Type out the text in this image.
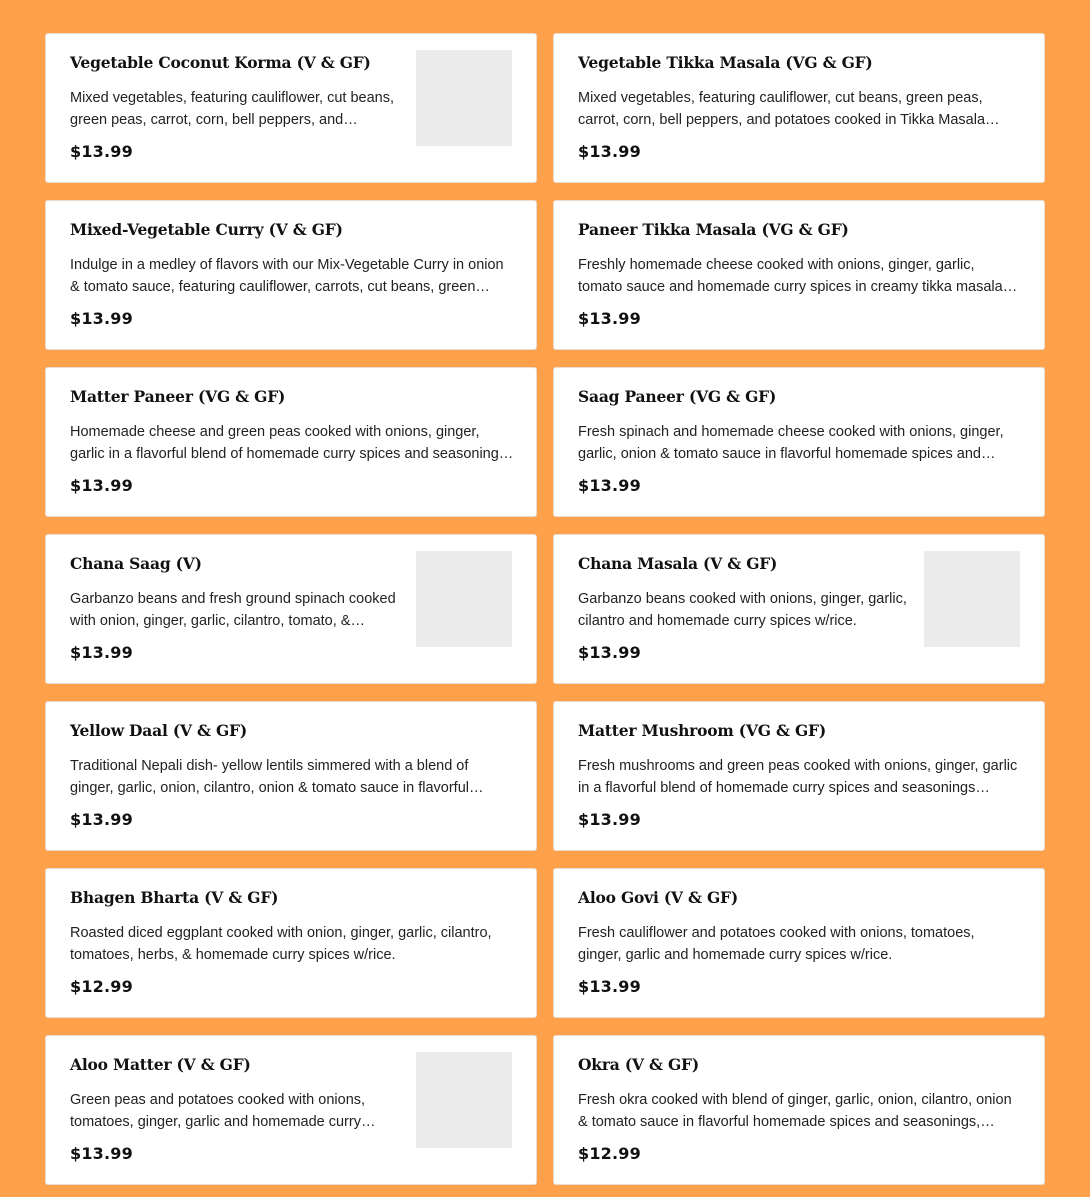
Vegetable Coconut Korma (V & GF)

Mixed vegetables, featuring cauliflower, cut beans, green peas, carrot, corn, bell peppers, and…

$13.99
Vegetable Tikka Masala (VG & GF)

Mixed vegetables, featuring cauliflower, cut beans, green peas, carrot, corn, bell peppers, and potatoes cooked in Tikka Masala…

$13.99
Mixed-Vegetable Curry (V & GF)

Indulge in a medley of flavors with our Mix-Vegetable Curry in onion & tomato sauce, featuring cauliflower, carrots, cut beans, green…

$13.99
Paneer Tikka Masala (VG & GF)

Freshly homemade cheese cooked with onions, ginger, garlic, tomato sauce and homemade curry spices in creamy tikka masala…

$13.99
Matter Paneer (VG & GF)

Homemade cheese and green peas cooked with onions, ginger, garlic in a flavorful blend of homemade curry spices and seasoning…

$13.99
Saag Paneer (VG & GF)

Fresh spinach and homemade cheese cooked with onions, ginger, garlic, onion & tomato sauce in flavorful homemade spices and…

$13.99
Chana Saag (V)

Garbanzo beans and fresh ground spinach cooked with onion, ginger, garlic, cilantro, tomato, &…

$13.99
Chana Masala (V & GF)

Garbanzo beans cooked with onions, ginger, garlic, cilantro and homemade curry spices w/rice.

$13.99
Yellow Daal (V & GF)

Traditional Nepali dish- yellow lentils simmered with a blend of ginger, garlic, onion, cilantro, onion & tomato sauce in flavorful…

$13.99
Matter Mushroom (VG & GF)

Fresh mushrooms and green peas cooked with onions, ginger, garlic in a flavorful blend of homemade curry spices and seasonings

$13.99
Bhagen Bharta (V & GF)

Roasted diced eggplant cooked with onion, ginger, garlic, cilantro, tomatoes, herbs, & homemade curry spices w/rice.

$12.99
Aloo Govi (V & GF)

Fresh cauliflower and potatoes cooked with onions, tomatoes, ginger, garlic and homemade curry spices w/rice.

$13.99
Aloo Matter (V & GF)

Green peas and potatoes cooked with onions, tomatoes, ginger, garlic and homemade curry…

$13.99
Okra (V & GF)

Fresh okra cooked with blend of ginger, garlic, onion, cilantro, onion & tomato sauce in flavorful homemade spices and seasonings,…

$12.99
